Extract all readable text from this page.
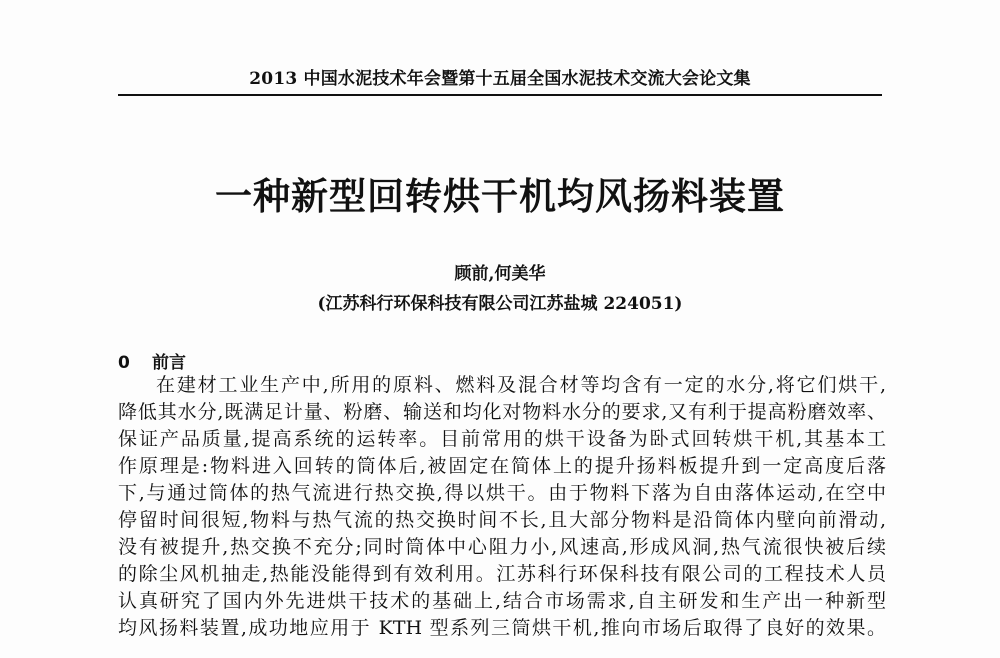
2013 中国水泥技术年会暨第十五届全国水泥技术交流大会论文集
一种新型回转烘干机均风扬料装置
顾前,何美华
(江苏科行环保科技有限公司江苏盐城 224051)
0 前言
在建材工业生产中,所用的原料、燃料及混合材等均含有一定的水分,将它们烘干,
降低其水分,既满足计量、粉磨、输送和均化对物料水分的要求,又有利于提高粉磨效率、
保证产品质量,提高系统的运转率。目前常用的烘干设备为卧式回转烘干机,其基本工
作原理是:物料进入回转的筒体后,被固定在简体上的提升扬料板提升到一定高度后落
下,与通过筒体的热气流进行热交换,得以烘干。由于物料下落为自由落体运动,在空中
停留时间很短,物料与热气流的热交换时间不长,且大部分物料是沿筒体内壁向前滑动,
没有被提升,热交换不充分;同时筒体中心阻力小,风速高,形成风洞,热气流很快被后续
的除尘风机抽走,热能没能得到有效利用。江苏科行环保科技有限公司的工程技术人员
认真研究了国内外先进烘干技术的基础上,结合市场需求,自主研发和生产出一种新型
均风扬料装置,成功地应用于 KTH 型系列三筒烘干机,推向市场后取得了良好的效果。
